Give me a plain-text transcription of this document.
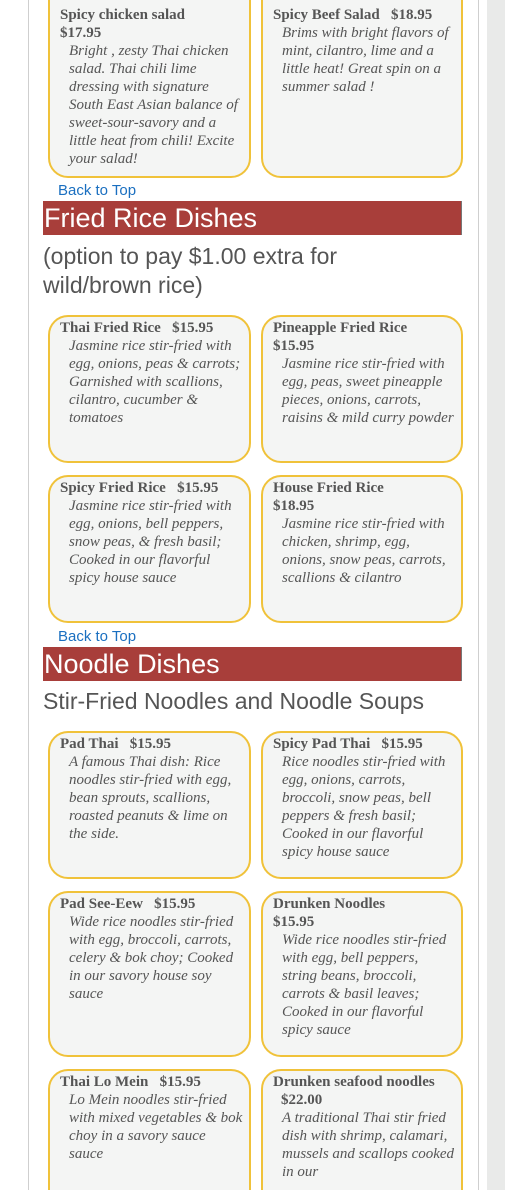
Spicy chicken salad
$17.95
Bright , zesty Thai chicken salad. Thai chili lime dressing with signature South East Asian balance of sweet-sour-savory and a little heat from chili! Excite your salad!
Spicy Beef Salad $18.95
Brims with bright flavors of mint, cilantro, lime and a little heat! Great spin on a summer salad !
Back to Top
Fried Rice Dishes
(option to pay $1.00 extra for wild/brown rice)
Thai Fried Rice $15.95
Jasmine rice stir-fried with egg, onions, peas & carrots; Garnished with scallions, cilantro, cucumber & tomatoes
Pineapple Fried Rice
$15.95
Jasmine rice stir-fried with egg, peas, sweet pineapple pieces, onions, carrots, raisins & mild curry powder
Spicy Fried Rice $15.95
Jasmine rice stir-fried with egg, onions, bell peppers, snow peas, & fresh basil; Cooked in our flavorful spicy house sauce
House Fried Rice
$18.95
Jasmine rice stir-fried with chicken, shrimp, egg, onions, snow peas, carrots, scallions & cilantro
Back to Top
Noodle Dishes
Stir-Fried Noodles and Noodle Soups
Pad Thai $15.95
A famous Thai dish: Rice noodles stir-fried with egg, bean sprouts, scallions, roasted peanuts & lime on the side.
Spicy Pad Thai $15.95
Rice noodles stir-fried with egg, onions, carrots, broccoli, snow peas, bell peppers & fresh basil; Cooked in our flavorful spicy house sauce
Pad See-Eew $15.95
Wide rice noodles stir-fried with egg, broccoli, carrots, celery & bok choy; Cooked in our savory house soy sauce
Drunken Noodles
$15.95
Wide rice noodles stir-fried with egg, bell peppers, string beans, broccoli, carrots & basil leaves; Cooked in our flavorful spicy sauce
Thai Lo Mein $15.95
Lo Mein noodles stir-fried with mixed vegetables & bok choy in a savory sauce sauce
Drunken seafood noodles
$22.00
A traditional Thai stir fried dish with shrimp, calamari, mussels and scallops cooked in our
